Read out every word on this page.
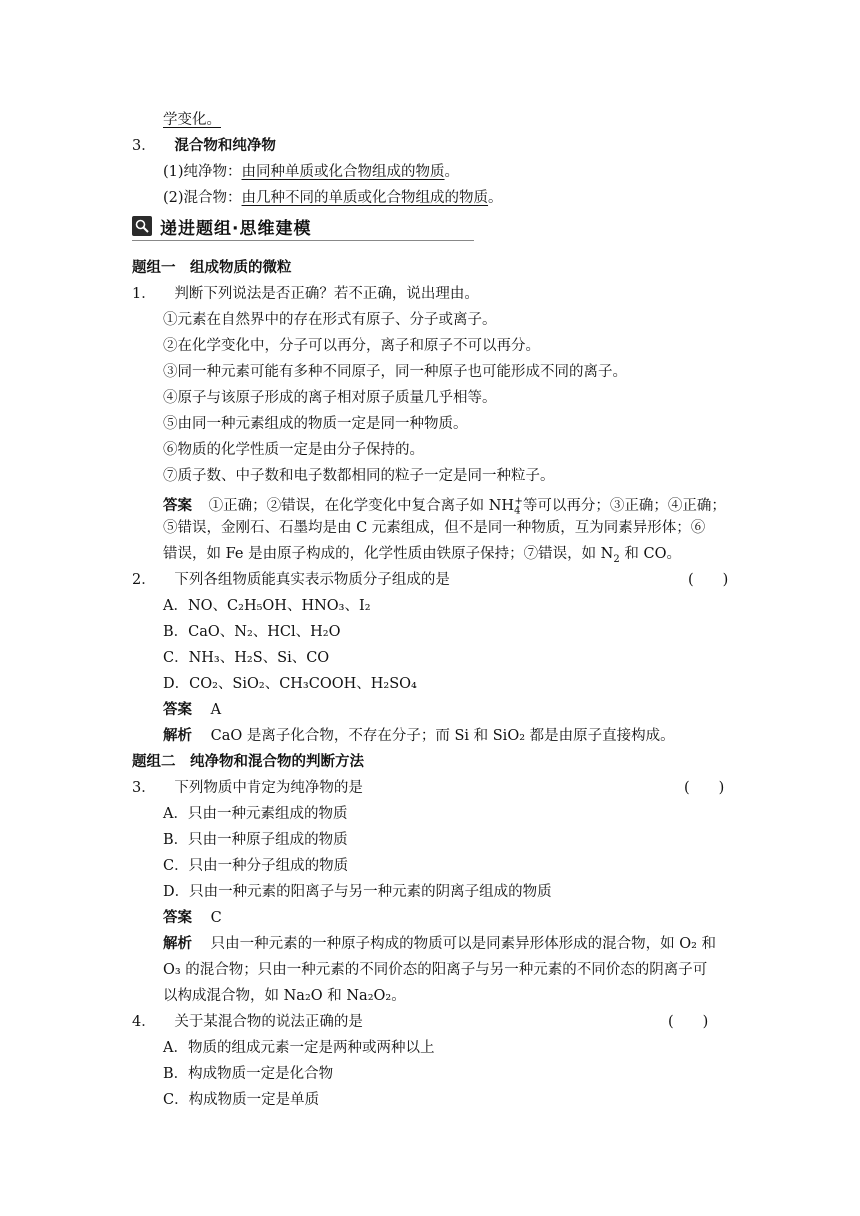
学变化。
3． 混合物和纯净物
(1)纯净物：由同种单质或化合物组成的物质。
(2)混合物：由几种不同的单质或化合物组成的物质。
递进题组·思维建模
题组一　组成物质的微粒
1． 判断下列说法是否正确？若不正确，说出理由。
①元素在自然界中的存在形式有原子、分子或离子。
②在化学变化中，分子可以再分，离子和原子不可以再分。
③同一种元素可能有多种不同原子，同一种原子也可能形成不同的离子。
④原子与该原子形成的离子相对原子质量几乎相等。
⑤由同一种元素组成的物质一定是同一种物质。
⑥物质的化学性质一定是由分子保持的。
⑦质子数、中子数和电子数都相同的粒子一定是同一种粒子。
答案 ①正确；②错误，在化学变化中复合离子如 $NH_4^+$等可以再分；③正确；④正确；
⑤错误，金刚石、石墨均是由 C 元素组成，但不是同一种物质，互为同素异形体；⑥
错误，如 Fe 是由原子构成的，化学性质由铁原子保持；⑦错误，如 $N_2$ 和 CO。
2． 下列各组物质能真实表示物质分子组成的是	(　　)
A．NO、C₂H₅OH、HNO₃、I₂
B．CaO、N₂、HCl、H₂O
C．NH₃、H₂S、Si、CO
D．CO₂、SiO₂、CH₃COOH、H₂SO₄
答案 A
解析 CaO 是离子化合物，不存在分子；而 Si 和 SiO₂ 都是由原子直接构成。
题组二　纯净物和混合物的判断方法
3． 下列物质中肯定为纯净物的是	(　　)
A．只由一种元素组成的物质
B．只由一种原子组成的物质
C．只由一种分子组成的物质
D．只由一种元素的阳离子与另一种元素的阴离子组成的物质
答案 C
解析 只由一种元素的一种原子构成的物质可以是同素异形体形成的混合物，如 O₂ 和
O₃ 的混合物；只由一种元素的不同价态的阳离子与另一种元素的不同价态的阴离子可
以构成混合物，如 Na₂O 和 Na₂O₂。
4． 关于某混合物的说法正确的是	(　　)
A．物质的组成元素一定是两种或两种以上
B．构成物质一定是化合物
C．构成物质一定是单质
